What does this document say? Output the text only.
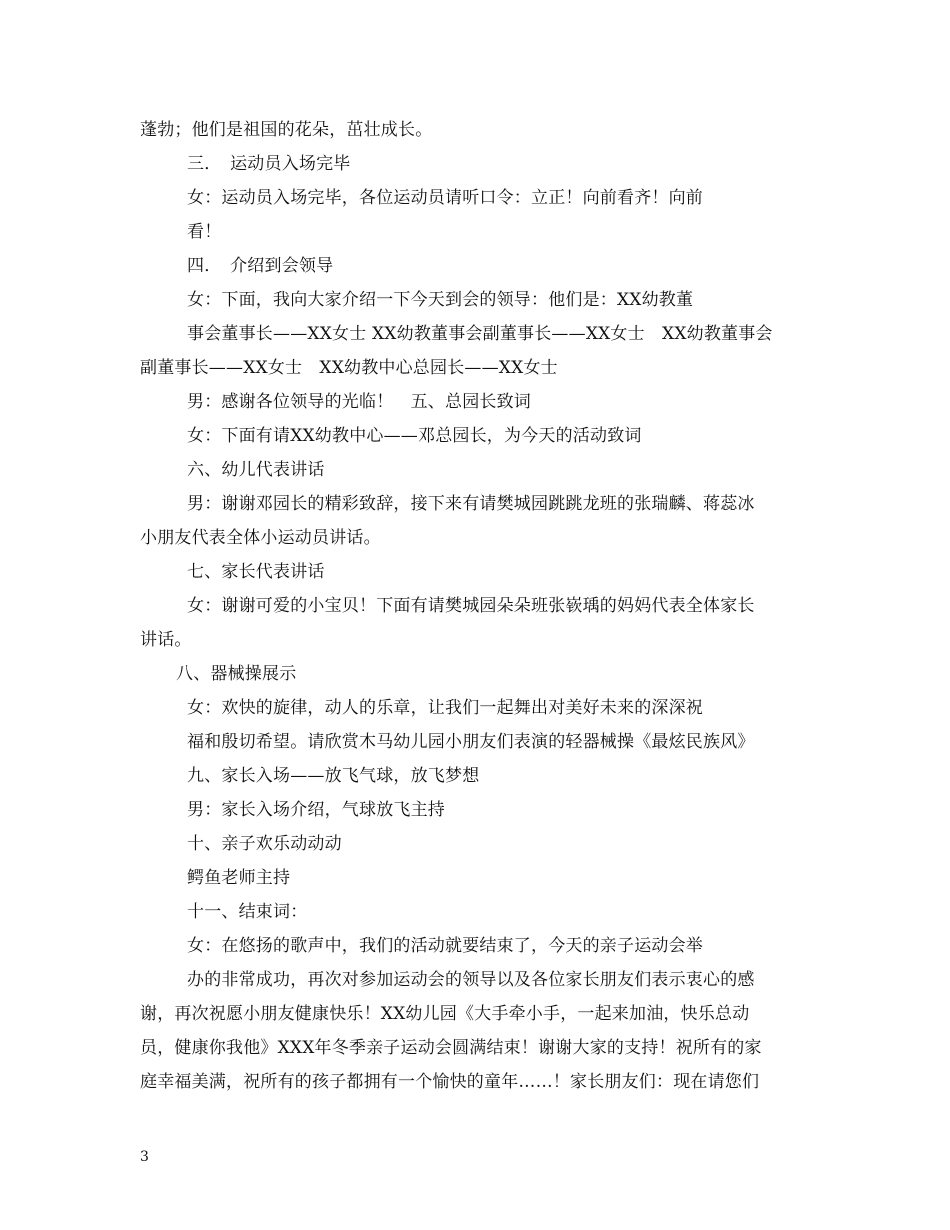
蓬勃；他们是祖国的花朵，茁壮成长。
三．　运动员入场完毕
女：运动员入场完毕，各位运动员请听口令：立正！向前看齐！向前
看！
四．　介绍到会领导
女：下面，我向大家介绍一下今天到会的领导：他们是：XX幼教董
事会董事长——XX女士 XX幼教董事会副董事长——XX女士　XX幼教董事会
副董事长——XX女士　XX幼教中心总园长——XX女士
男：感谢各位领导的光临！　五、总园长致词
女：下面有请XX幼教中心——邓总园长，为今天的活动致词
六、幼儿代表讲话
男：谢谢邓园长的精彩致辞，接下来有请樊城园跳跳龙班的张瑞麟、蒋蕊冰
小朋友代表全体小运动员讲话。
七、家长代表讲话
女：谢谢可爱的小宝贝！下面有请樊城园朵朵班张嵚瑀的妈妈代表全体家长
讲话。
八、器械操展示
女：欢快的旋律，动人的乐章，让我们一起舞出对美好未来的深深祝
福和殷切希望。请欣赏木马幼儿园小朋友们表演的轻器械操《最炫民族风》
九、家长入场——放飞气球，放飞梦想
男：家长入场介绍，气球放飞主持
十、亲子欢乐动动动
鳄鱼老师主持
十一、结束词：
女：在悠扬的歌声中，我们的活动就要结束了，今天的亲子运动会举
办的非常成功，再次对参加运动会的领导以及各位家长朋友们表示衷心的感
谢，再次祝愿小朋友健康快乐！XX幼儿园《大手牵小手，一起来加油，快乐总动
员，健康你我他》XXX年冬季亲子运动会圆满结束！谢谢大家的支持！祝所有的家
庭幸福美满，祝所有的孩子都拥有一个愉快的童年……！家长朋友们：现在请您们
3
